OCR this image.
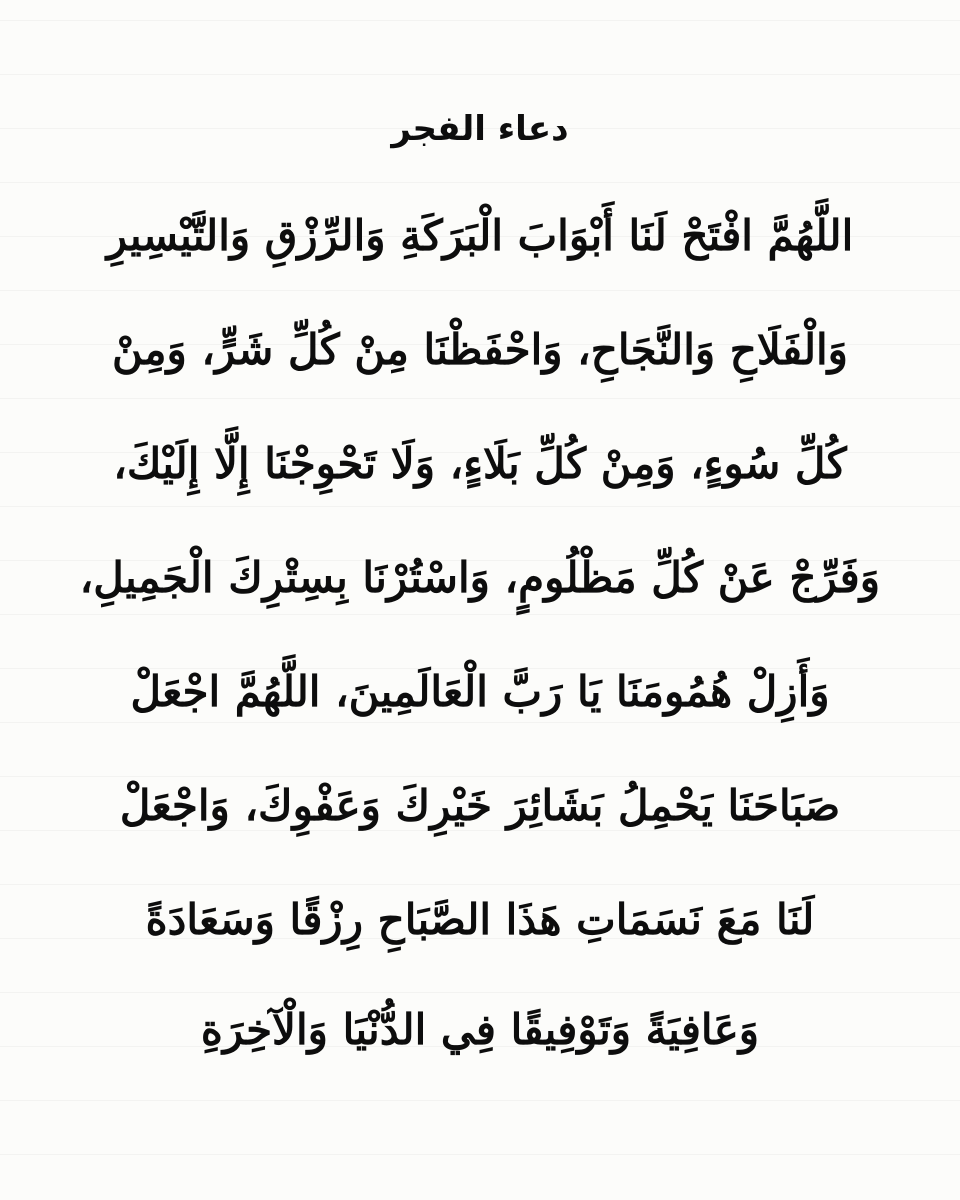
دعاء الفجر

اللَّهُمَّ افْتَحْ لَنَا أَبْوَابَ الْبَرَكَةِ وَالرِّزْقِ وَالتَّيْسِيرِ

وَالْفَلَاحِ وَالنَّجَاحِ، وَاحْفَظْنَا مِنْ كُلِّ شَرٍّ، وَمِنْ

كُلِّ سُوءٍ، وَمِنْ كُلِّ بَلَاءٍ، وَلَا تَحْوِجْنَا إِلَّا إِلَيْكَ،

وَفَرِّجْ عَنْ كُلِّ مَظْلُومٍ، وَاسْتُرْنَا بِسِتْرِكَ الْجَمِيلِ،

وَأَزِلْ هُمُومَنَا يَا رَبَّ الْعَالَمِينَ، اللَّهُمَّ اجْعَلْ

صَبَاحَنَا يَحْمِلُ بَشَائِرَ خَيْرِكَ وَعَفْوِكَ، وَاجْعَلْ

لَنَا مَعَ نَسَمَاتِ هَذَا الصَّبَاحِ رِزْقًا وَسَعَادَةً

وَعَافِيَةً وَتَوْفِيقًا فِي الدُّنْيَا وَالْآخِرَةِ
